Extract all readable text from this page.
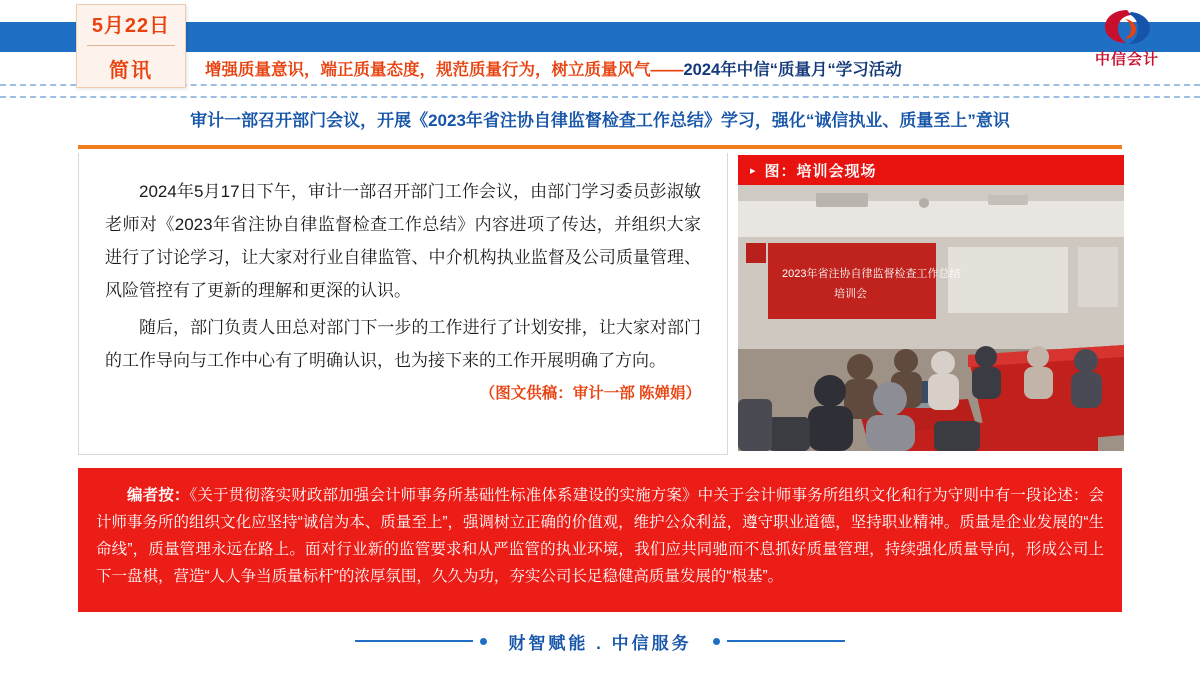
5月22日
简讯	增强质量意识，端正质量态度，规范质量行为，树立质量风气——2024年中信“质量月“学习活动
中信会计
审计一部召开部门会议，开展《2023年省注协自律监督检查工作总结》学习，强化“诚信执业、质量至上”意识

2024年5月17日下午，审计一部召开部门工作会议，由部门学习委员彭淑敏老师对《2023年省注协自律监督检查工作总结》内容进项了传达，并组织大家进行了讨论学习，让大家对行业自律监管、中介机构执业监督及公司质量管理、风险管控有了更新的理解和更深的认识。

随后，部门负责人田总对部门下一步的工作进行了计划安排，让大家对部门的工作导向与工作中心有了明确认识，也为接下来的工作开展明确了方向。

（图文供稿：审计一部 陈婵娟）
▸ 图：培训会现场
2023年省注协自律监督检查工作总结
培训会

编者按：《关于贯彻落实财政部加强会计师事务所基础性标准体系建设的实施方案》中关于会计师事务所组织文化和行为守则中有一段论述：会计师事务所的组织文化应坚持“诚信为本、质量至上”，强调树立正确的价值观，维护公众利益，遵守职业道德，坚持职业精神。质量是企业发展的“生命线”，质量管理永远在路上。面对行业新的监管要求和从严监管的执业环境，我们应共同驰而不息抓好质量管理，持续强化质量导向，形成公司上下一盘棋，营造“人人争当质量标杆”的浓厚氛围，久久为功，夯实公司长足稳健高质量发展的“根基”。

财智赋能 . 中信服务
